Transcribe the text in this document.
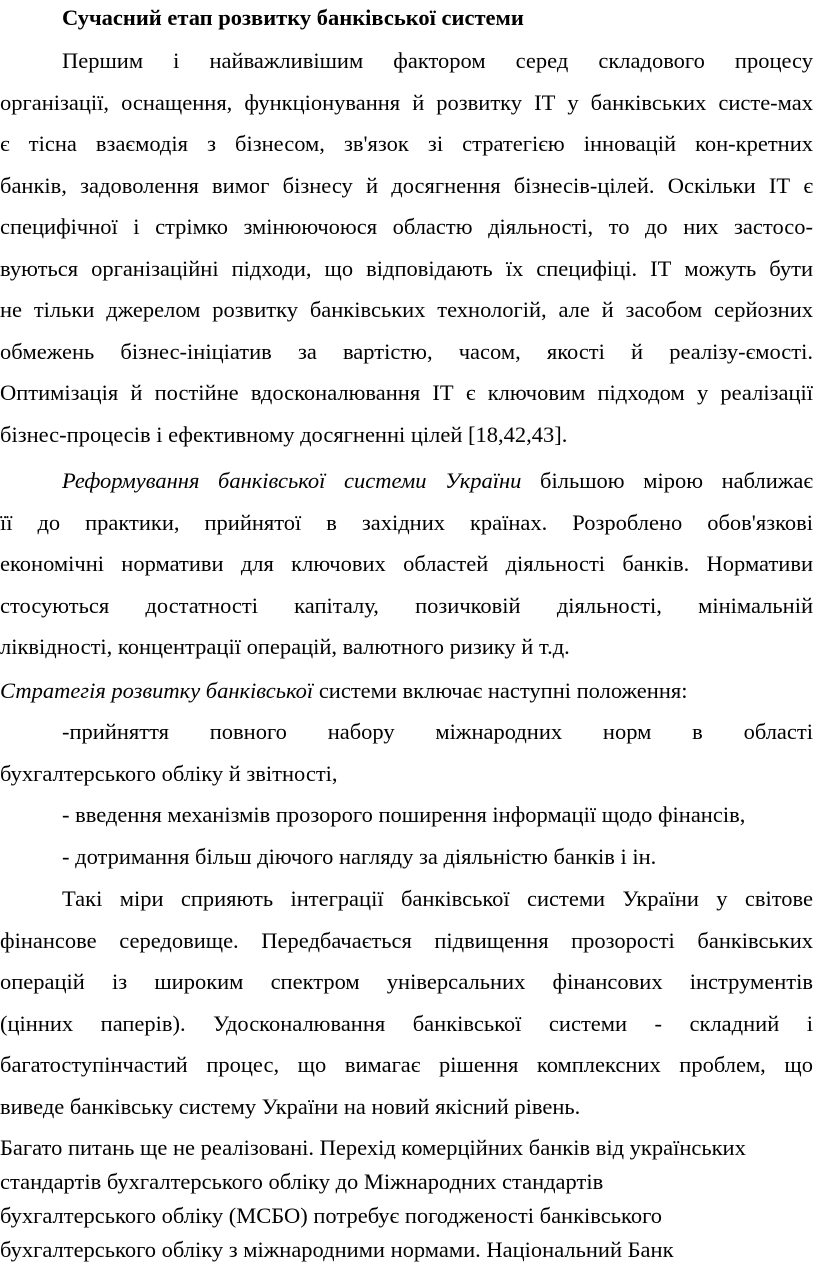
Сучасний етап розвитку банківської системи

Першим і найважливішим фактором серед складового процесу

організації, оснащення, функціонування й розвитку ІТ у банківських систе-мах

є тісна взаємодія з бізнесом, зв'язок зі стратегією інновацій кон-кретних

банків, задоволення вимог бізнесу й досягнення бізнесів-цілей. Оскільки ІТ є

специфічної і стрімко змінюючоюся областю діяльності, то до них застосо-

вуються організаційні підходи, що відповідають їх специфіці. ІТ можуть бути

не тільки джерелом розвитку банківських технологій, але й засобом серйозних

обмежень бізнес-ініціатив за вартістю, часом, якості й реалізу-ємості.

Оптимізація й постійне вдосконалювання ІТ є ключовим підходом у реалізації

бізнес-процесів і ефективному досягненні цілей [18,42,43].

Реформування банківської системи України більшою мірою наближає

її до практики, прийнятої в західних країнах. Розроблено обов'язкові

економічні нормативи для ключових областей діяльності банків. Нормативи

стосуються достатності капіталу, позичковій діяльності, мінімальній

ліквідності, концентрації операцій, валютного ризику й т.д.

Стратегія розвитку банківської системи включає наступні положення:

-прийняття повного набору міжнародних норм в області

бухгалтерського обліку й звітності,

- введення механізмів прозорого поширення інформації щодо фінансів,

- дотримання більш діючого нагляду за діяльністю банків і ін.

Такі міри сприяють інтеграції банківської системи України у світове

фінансове середовище. Передбачається підвищення прозорості банківських

операцій із широким спектром універсальних фінансових інструментів

(цінних паперів). Удосконалювання банківської системи - складний і

багатоступінчастий процес, що вимагає рішення комплексних проблем, що

виведе банківську систему України на новий якісний рівень.

Багато питань ще не реалізовані. Перехід комерційних банків від українських

стандартів бухгалтерського обліку до Міжнародних стандартів

бухгалтерського обліку (МСБО) потребує погодженості банківського

бухгалтерського обліку з міжнародними нормами. Національний Банк
